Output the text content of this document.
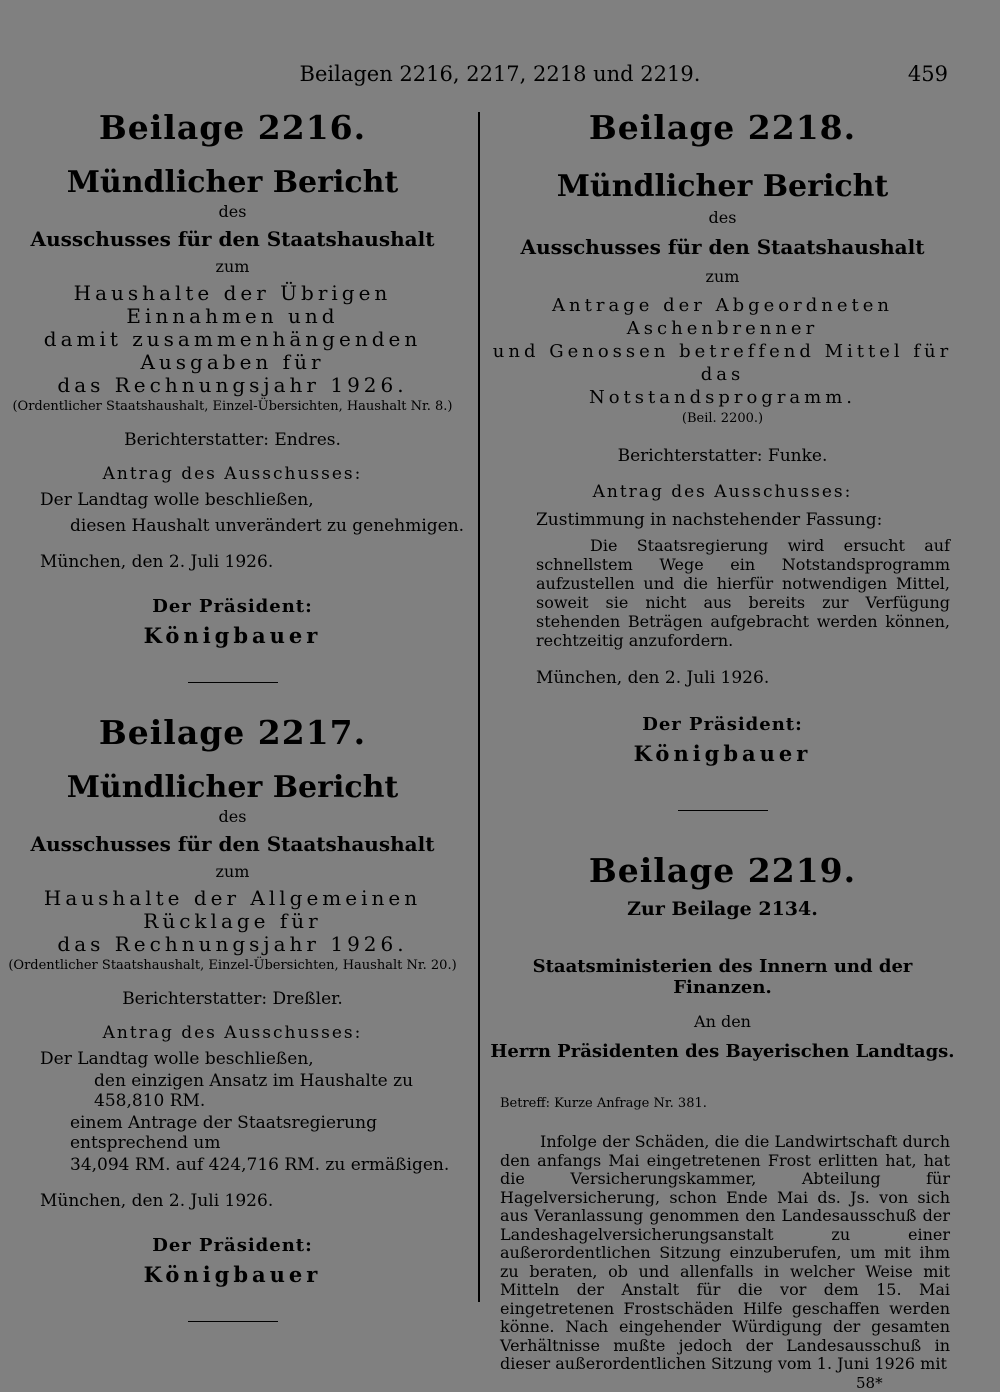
Beilagen 2216, 2217, 2218 und 2219.	459
Beilage 2216.
Mündlicher Bericht
des
Ausschusses für den Staatshaushalt
zum
Haushalte der Übrigen Einnahmen und
damit zusammenhängenden Ausgaben für
das Rechnungsjahr 1926.
(Ordentlicher Staatshaushalt, Einzel-Übersichten, Haushalt Nr. 8.)
Berichterstatter: Endres.
Antrag des Ausschusses:
Der Landtag wolle beschließen,
diesen Haushalt unverändert zu genehmigen.
München, den 2. Juli 1926.
Der Präsident:
Königbauer
Beilage 2217.
Mündlicher Bericht
des
Ausschusses für den Staatshaushalt
zum
Haushalte der Allgemeinen Rücklage für
das Rechnungsjahr 1926.
(Ordentlicher Staatshaushalt, Einzel-Übersichten, Haushalt Nr. 20.)
Berichterstatter: Dreßler.
Antrag des Ausschusses:
Der Landtag wolle beschließen,
den einzigen Ansatz im Haushalte zu 458,810 RM.
einem Antrage der Staatsregierung entsprechend um
34,094 RM. auf 424,716 RM. zu ermäßigen.
München, den 2. Juli 1926.
Der Präsident:
Königbauer
Beilage 2218.
Mündlicher Bericht
des
Ausschusses für den Staatshaushalt
zum
Antrage der Abgeordneten Aschenbrenner
und Genossen betreffend Mittel für das
Notstandsprogramm.
(Beil. 2200.)
Berichterstatter: Funke.
Antrag des Ausschusses:
Zustimmung in nachstehender Fassung:
Die Staatsregierung wird ersucht auf schnellstem Wege ein Notstandsprogramm aufzustellen und die hierfür notwendigen Mittel, soweit sie nicht aus bereits zur Verfügung stehenden Beträgen aufgebracht werden können, rechtzeitig anzufordern.
München, den 2. Juli 1926.
Der Präsident:
Königbauer
Beilage 2219.
Zur Beilage 2134.
Staatsministerien des Innern und der Finanzen.
An den
Herrn Präsidenten des Bayerischen Landtags.
Betreff: Kurze Anfrage Nr. 381.
Infolge der Schäden, die die Landwirtschaft durch den anfangs Mai eingetretenen Frost erlitten hat, hat die Versicherungskammer, Abteilung für Hagelversicherung, schon Ende Mai ds. Js. von sich aus Veranlassung genommen den Landesausschuß der Landeshagelversicherungsanstalt zu einer außerordentlichen Sitzung einzuberufen, um mit ihm zu beraten, ob und allenfalls in welcher Weise mit Mitteln der Anstalt für die vor dem 15. Mai eingetretenen Frostschäden Hilfe geschaffen werden könne. Nach eingehender Würdigung der gesamten Verhältnisse mußte jedoch der Landesausschuß in dieser außerordentlichen Sitzung vom 1. Juni 1926 mit
58*
